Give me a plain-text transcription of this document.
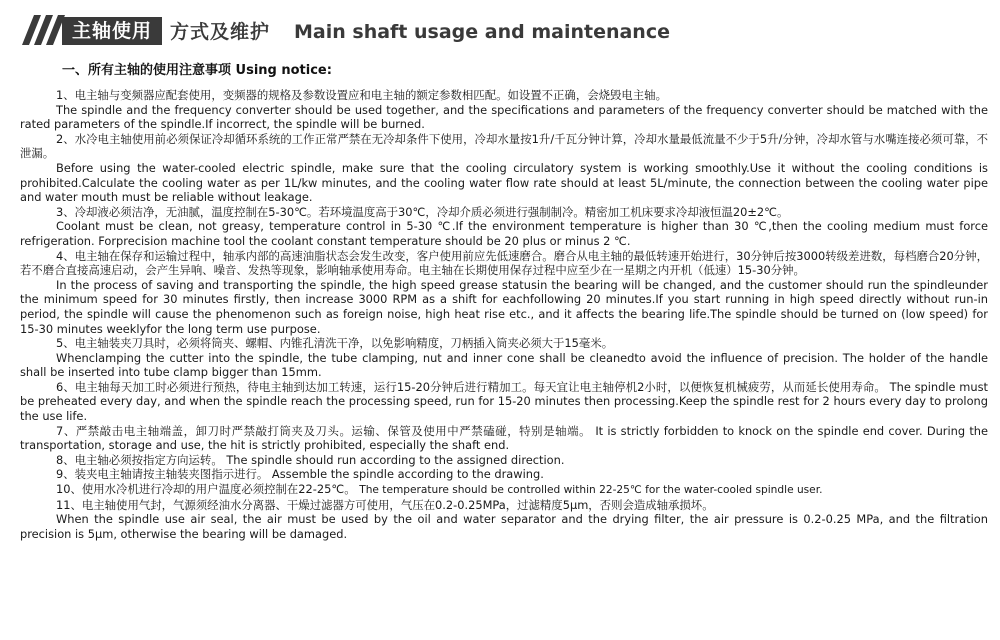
主轴使用 方式及维护 Main shaft usage and maintenance
一、所有主轴的使用注意事项 Using notice:

1、电主轴与变频器应配套使用，变频器的规格及参数设置应和电主轴的额定参数相匹配。如设置不正确，会烧毁电主轴。

The spindle and the frequency converter should be used together, and the specifications and parameters of the frequency converter should be matched with the rated parameters of the spindle.If incorrect, the spindle will be burned.

2、水冷电主轴使用前必须保证冷却循环系统的工作正常严禁在无冷却条件下使用，冷却水量按1升/千瓦分钟计算，冷却水量最低流量不少于5升/分钟，冷却水管与水嘴连接必须可靠，不泄漏。

Before using the water-cooled electric spindle, make sure that the cooling circulatory system is working smoothly.Use it without the cooling conditions is prohibited.Calculate the cooling water as per 1L/kw minutes, and the cooling water flow rate should at least 5L/minute, the connection between the cooling water pipe and water mouth must be reliable without leakage.

3、冷却液必须洁净，无油腻，温度控制在5-30℃。若环境温度高于30℃，冷却介质必须进行强制制冷。精密加工机床要求冷却液恒温20±2℃。

Coolant must be clean, not greasy, temperature control in 5-30 ℃.If the environment temperature is higher than 30 ℃,then the cooling medium must force refrigeration. Forprecision machine tool the coolant constant temperature should be 20 plus or minus 2 ℃.

4、电主轴在保存和运输过程中，轴承内部的高速油脂状态会发生改变，客户使用前应先低速磨合。磨合从电主轴的最低转速开始进行，30分钟后按3000转级差进数，每档磨合20分钟，若不磨合直接高速启动，会产生异响、噪音、发热等现象，影响轴承使用寿命。电主轴在长期使用保存过程中应至少在一星期之内开机（低速）15-30分钟。

In the process of saving and transporting the spindle, the high speed grease statusin the bearing will be changed, and the customer should run the spindleunder the minimum speed for 30 minutes firstly, then increase 3000 RPM as a shift for eachfollowing 20 minutes.If you start running in high speed directly without run-in period, the spindle will cause the phenomenon such as foreign noise, high heat rise etc., and it affects the bearing life.The spindle should be turned on (low speed) for 15-30 minutes weeklyfor the long term use purpose.

5、电主轴装夹刀具时，必须将筒夹、螺帽、内锥孔清洗干净，以免影响精度，刀柄插入筒夹必须大于15毫米。

Whenclamping the cutter into the spindle, the tube clamping, nut and inner cone shall be cleanedto avoid the influence of precision. The holder of the handle shall be inserted into tube clamp bigger than 15mm.

6、电主轴每天加工时必须进行预热，待电主轴到达加工转速，运行15-20分钟后进行精加工。每天宜让电主轴停机2小时，以便恢复机械疲劳，从而延长使用寿命。 The spindle must be preheated every day, and when the spindle reach the processing speed, run for 15-20 minutes then processing.Keep the spindle rest for 2 hours every day to prolong the use life.

7、严禁敲击电主轴端盖，卸刀时严禁敲打筒夹及刀头。运输、保管及使用中严禁磕碰，特别是轴端。 It is strictly forbidden to knock on the spindle end cover. During the transportation, storage and use, the hit is strictly prohibited, especially the shaft end.

8、电主轴必须按指定方向运转。 The spindle should run according to the assigned direction.

9、装夹电主轴请按主轴装夹图指示进行。 Assemble the spindle according to the drawing.

10、使用水冷机进行冷却的用户温度必须控制在22-25℃。 The temperature should be controlled within 22-25℃ for the water-cooled spindle user.

11、电主轴使用气封，气源须经油水分离器、干燥过滤器方可使用，气压在0.2-0.25MPa，过滤精度5μm，否则会造成轴承损坏。

When the spindle use air seal, the air must be used by the oil and water separator and the drying filter, the air pressure is 0.2-0.25 MPa, and the filtration precision is 5μm, otherwise the bearing will be damaged.
